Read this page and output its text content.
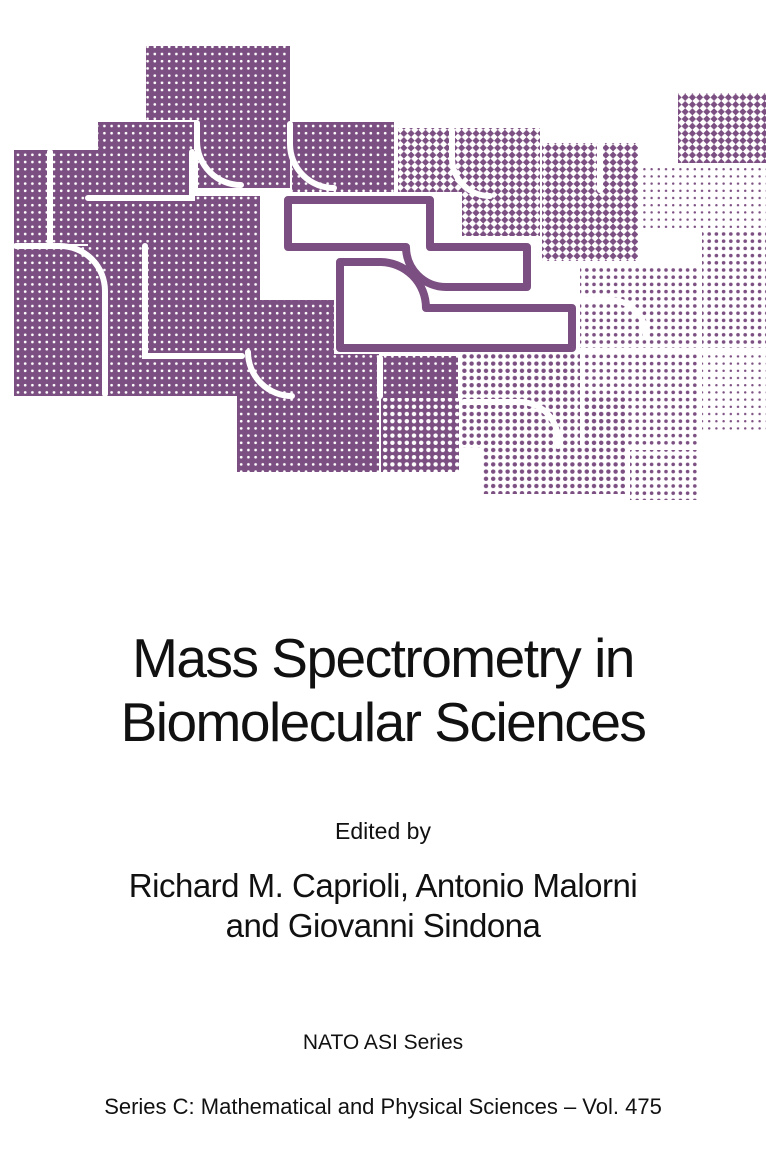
Mass Spectrometry in
Biomolecular Sciences
Edited by
Richard M. Caprioli, Antonio Malorni
and Giovanni Sindona
NATO ASI Series
Series C: Mathematical and Physical Sciences – Vol. 475
